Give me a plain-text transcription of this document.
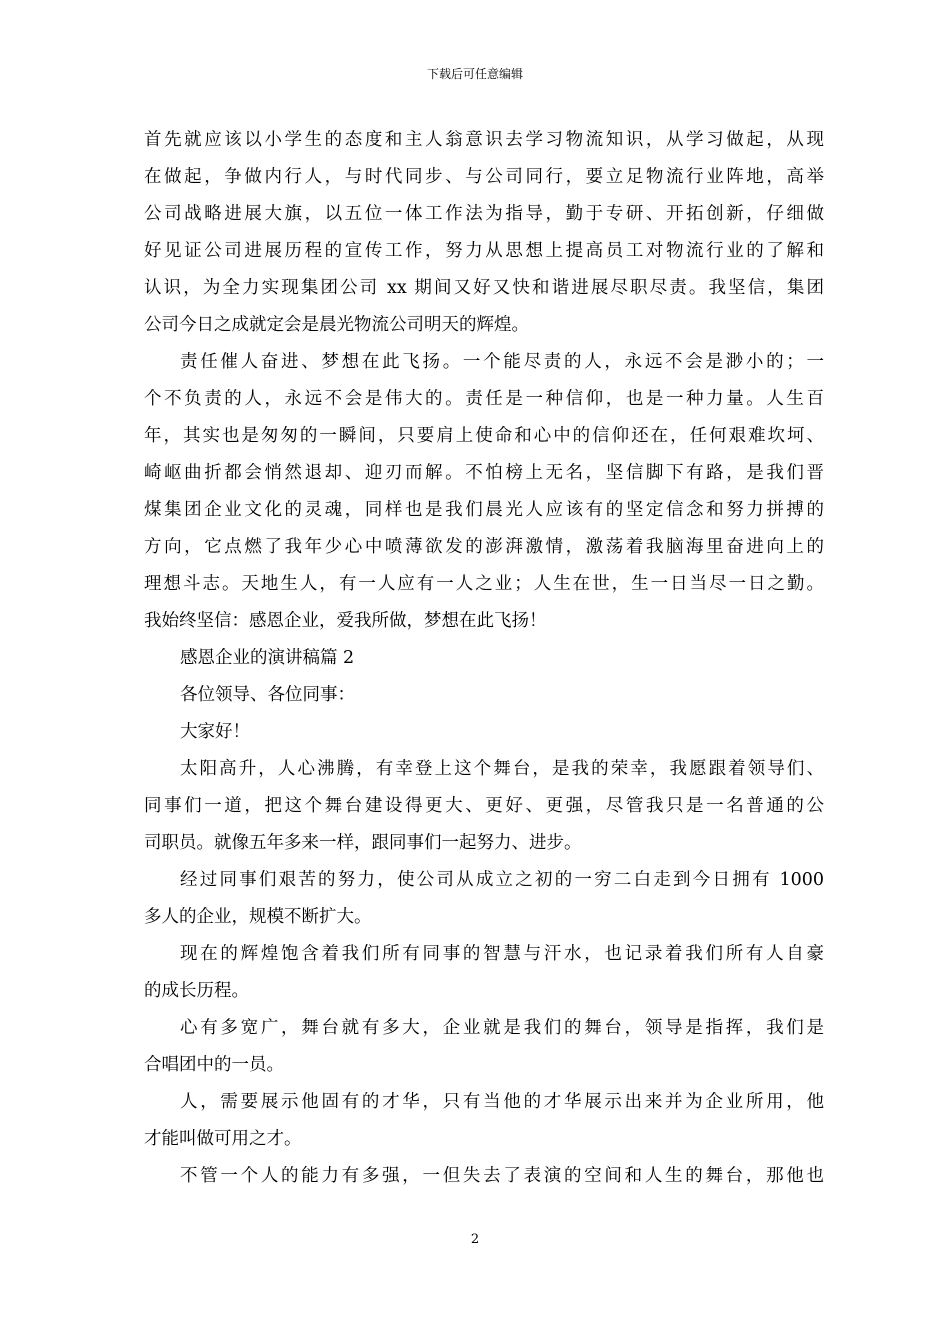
下载后可任意编辑

首先就应该以小学生的态度和主人翁意识去学习物流知识，从学习做起，从现

在做起，争做内行人，与时代同步、与公司同行，要立足物流行业阵地，高举

公司战略进展大旗，以五位一体工作法为指导，勤于专研、开拓创新，仔细做

好见证公司进展历程的宣传工作，努力从思想上提高员工对物流行业的了解和

认识，为全力实现集团公司 xx 期间又好又快和谐进展尽职尽责。我坚信，集团

公司今日之成就定会是晨光物流公司明天的辉煌。

责任催人奋进、梦想在此飞扬。一个能尽责的人，永远不会是渺小的；一

个不负责的人，永远不会是伟大的。责任是一种信仰，也是一种力量。人生百

年，其实也是匆匆的一瞬间，只要肩上使命和心中的信仰还在，任何艰难坎坷、

崎岖曲折都会悄然退却、迎刃而解。不怕榜上无名，坚信脚下有路，是我们晋

煤集团企业文化的灵魂，同样也是我们晨光人应该有的坚定信念和努力拼搏的

方向，它点燃了我年少心中喷薄欲发的澎湃激情，激荡着我脑海里奋进向上的

理想斗志。天地生人，有一人应有一人之业；人生在世，生一日当尽一日之勤。

我始终坚信：感恩企业，爱我所做，梦想在此飞扬！

感恩企业的演讲稿篇 2

各位领导、各位同事：

大家好！

太阳高升，人心沸腾，有幸登上这个舞台，是我的荣幸，我愿跟着领导们、

同事们一道，把这个舞台建设得更大、更好、更强，尽管我只是一名普通的公

司职员。就像五年多来一样，跟同事们一起努力、进步。

经过同事们艰苦的努力，使公司从成立之初的一穷二白走到今日拥有 1000

多人的企业，规模不断扩大。

现在的辉煌饱含着我们所有同事的智慧与汗水，也记录着我们所有人自豪

的成长历程。

心有多宽广，舞台就有多大，企业就是我们的舞台，领导是指挥，我们是

合唱团中的一员。

人，需要展示他固有的才华，只有当他的才华展示出来并为企业所用，他

才能叫做可用之才。

不管一个人的能力有多强，一但失去了表演的空间和人生的舞台，那他也

2
